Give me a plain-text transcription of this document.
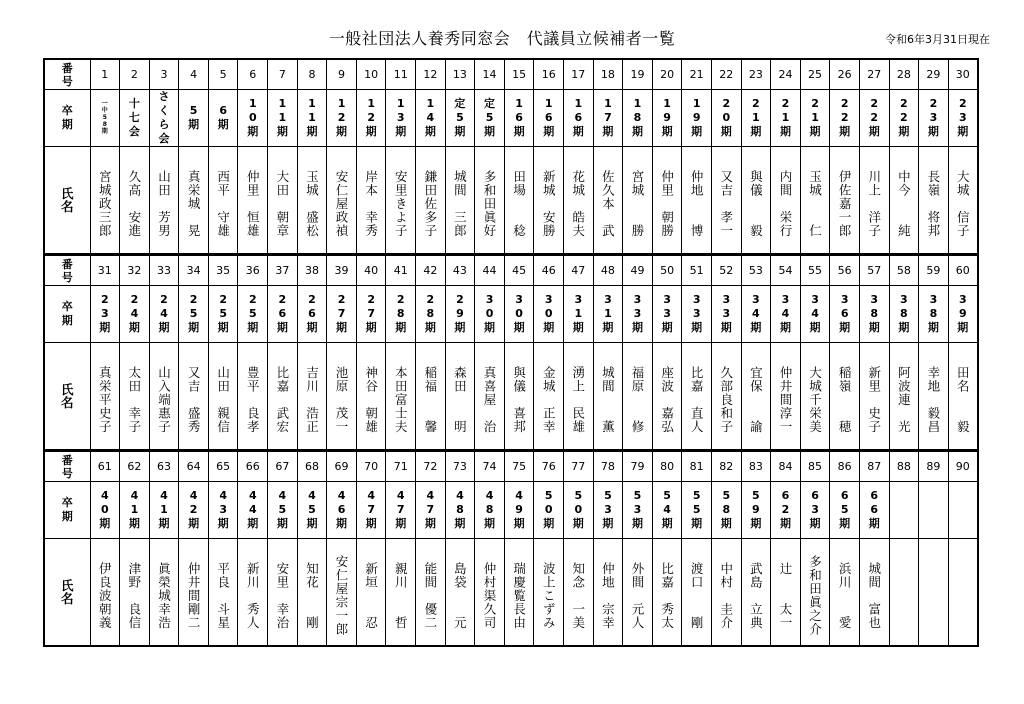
一般社団法人養秀同窓会　代議員立候補者一覧	令和6年3月31日現在
番号	1	2	3	4	5	6	7	8	9	10	11	12	13	14	15	16	17	18	19	20	21	22	23	24	25	26	27	28	29	30
卒期	一中58期	十七会	さくら会	5期	6期	10期	11期	11期	12期	12期	13期	14期	定5期	定5期	16期	16期	16期	17期	18期	19期	19期	20期	21期	21期	21期	22期	22期	22期	23期	23期
氏名	宮城政三郎	久高　安進	山田　芳男	真栄城　晃	西平　守雄	仲里　恒雄	大田　朝章	玉城　盛松	安仁屋政禎	岸本　幸秀	安里きよ子	鎌田佐多子	城間　三郎	多和田眞好	田場　　稔	新城　安勝	花城　皓夫	佐久本　武	宮城　　勝	仲里　朝勝	仲地　　博	又吉　孝一	與儀　　毅	内間　栄行	玉城　　仁	伊佐嘉一郎	川上　洋子	中今　　純	長嶺　将邦	大城　信子
番号	31	32	33	34	35	36	37	38	39	40	41	42	43	44	45	46	47	48	49	50	51	52	53	54	55	56	57	58	59	60
卒期	23期	24期	24期	25期	25期	25期	26期	26期	27期	27期	28期	28期	29期	30期	30期	30期	31期	31期	33期	33期	33期	33期	34期	34期	34期	36期	38期	38期	38期	39期
氏名	真栄平史子	太田　幸子	山入端惠子	又吉　盛秀	山田　親信	豊平　良孝	比嘉　武宏	吉川　浩正	池原　茂一	神谷　朝雄	本田富士夫	稲福　　馨	森田　　明	真喜屋　治	與儀　喜邦	金城　正幸	湧上　民雄	城間　　薫	福原　　修	座波　嘉弘	比嘉　直人	久部良和子	宜保　　諭	仲井間淳一	大城千栄美	稲嶺　　穂	新里　史子	阿波連　光	幸地　毅昌	田名　　毅
番号	61	62	63	64	65	66	67	68	69	70	71	72	73	74	75	76	77	78	79	80	81	82	83	84	85	86	87	88	89	90
卒期	40期	41期	41期	42期	43期	44期	45期	45期	46期	47期	47期	47期	48期	48期	49期	50期	50期	53期	53期	54期	55期	58期	59期	62期	63期	65期	66期			
氏名	伊良波朝義	津野　良信	眞榮城幸浩	仲井間剛二	平良　斗星	新川　秀人	安里　幸治	知花　　剛	安仁屋宗一郎	新垣　　忍	親川　　哲	能間　優二	島袋　　元	仲村渠久司	瑞慶覧長由	波上こずみ	知念　一美	仲地　宗幸	外間　元人	比嘉　秀太	渡口　　剛	中村　圭介	武島　立典	辻　　太一	多和田眞之介	浜川　　愛	城間　富也			
